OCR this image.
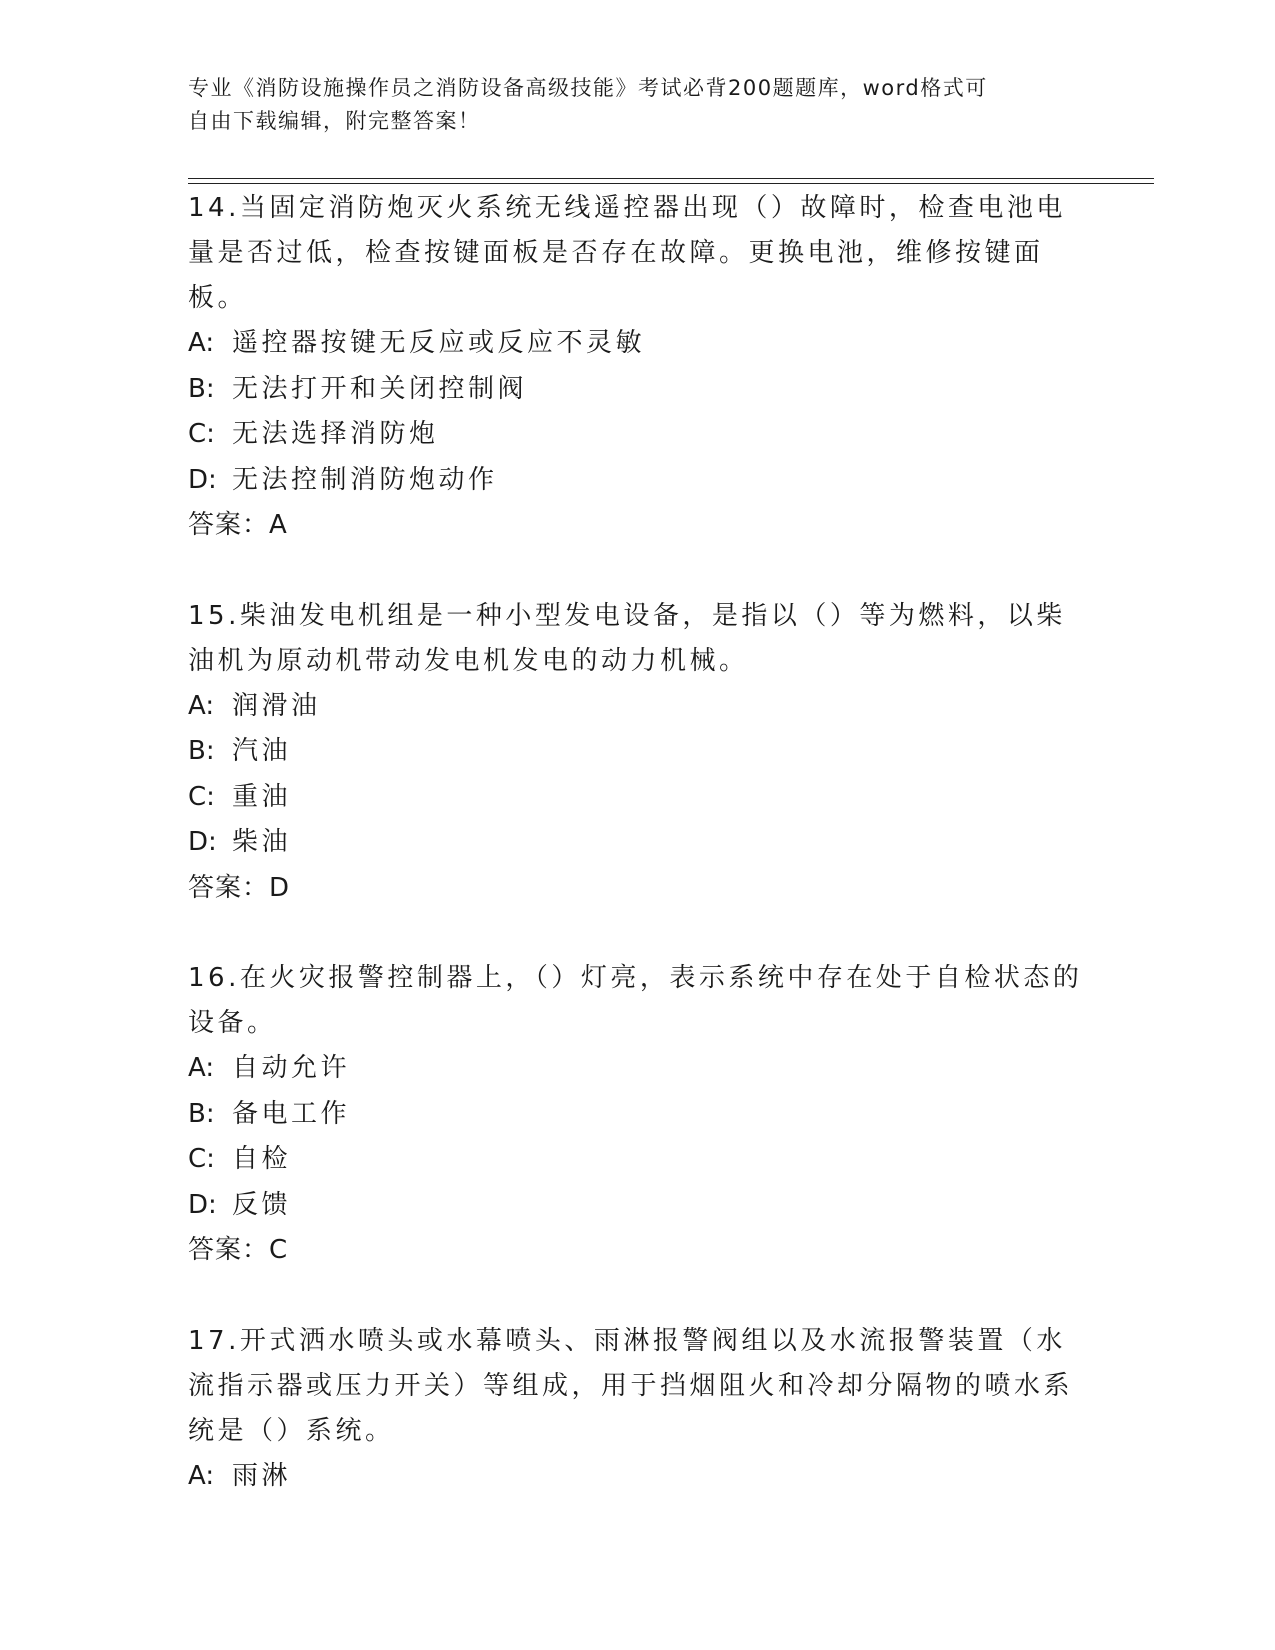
专业《消防设施操作员之消防设备高级技能》考试必背200题题库，word格式可
自由下载编辑，附完整答案！

14.当固定消防炮灭火系统无线遥控器出现（）故障时，检查电池电量是否过低，检查按键面板是否存在故障。更换电池，维修按键面板。

A: 遥控器按键无反应或反应不灵敏

B: 无法打开和关闭控制阀

C: 无法选择消防炮

D: 无法控制消防炮动作

答案：A

15.柴油发电机组是一种小型发电设备，是指以（）等为燃料，以柴油机为原动机带动发电机发电的动力机械。

A: 润滑油

B: 汽油

C: 重油

D: 柴油

答案：D

16.在火灾报警控制器上，（）灯亮，表示系统中存在处于自检状态的设备。

A: 自动允许

B: 备电工作

C: 自检

D: 反馈

答案：C

17.开式洒水喷头或水幕喷头、雨淋报警阀组以及水流报警装置（水流指示器或压力开关）等组成，用于挡烟阻火和冷却分隔物的喷水系统是（）系统。

A: 雨淋
